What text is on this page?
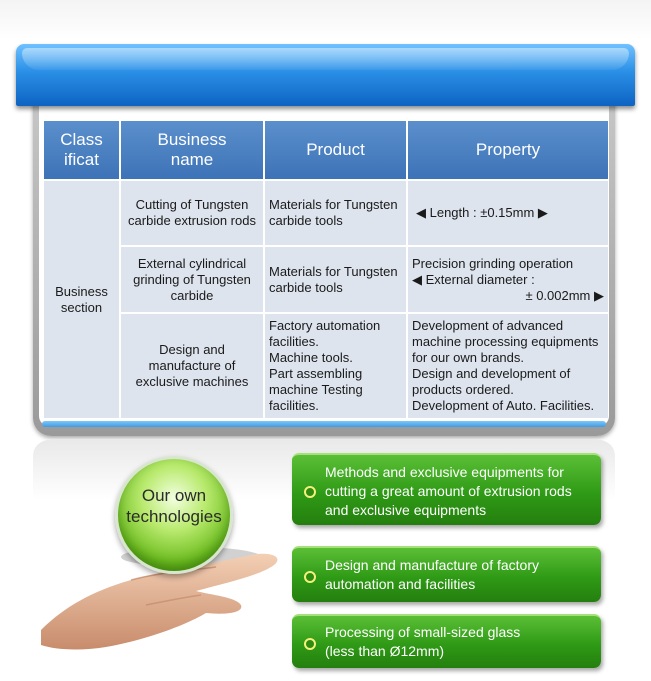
Class ificat	Business name	Product	Property
Business section	Cutting of Tungsten carbide extrusion rods	Materials for Tungsten carbide tools	◀ Length : ±0.15mm ▶

	External cylindrical grinding of Tungsten carbide	Materials for Tungsten carbide tools	Precision grinding operation
◀ External diameter :
± 0.002mm ▶

	Design and manufacture of exclusive machines	Factory automation facilities.
Machine tools.
Part assembling machine Testing facilities.	Development of advanced machine processing equipments for our own brands.
Design and development of products ordered.
Development of Auto. Facilities.
Our own
technologies
Methods and exclusive equipments for cutting a great amount of extrusion rods and exclusive equipments
Design and manufacture of factory automation and facilities
Processing of small-sized glass (less than Ø12mm)
